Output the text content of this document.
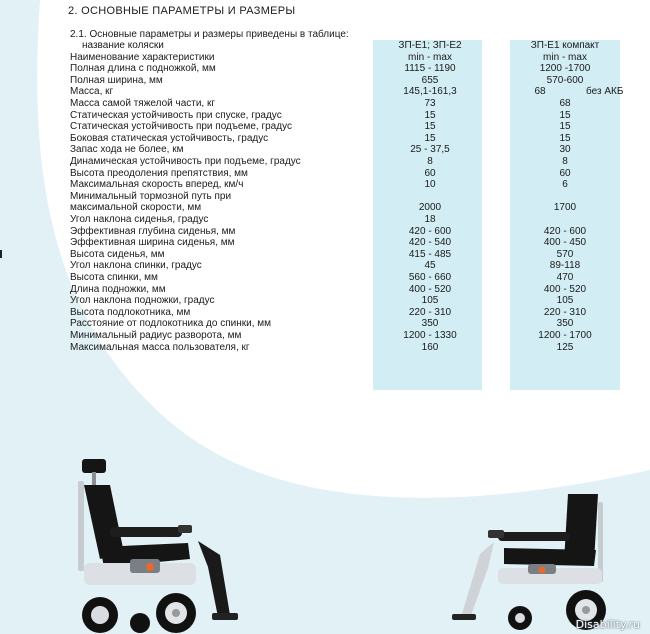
2. ОСНОВНЫЕ ПАРАМЕТРЫ И РАЗМЕРЫ
2.1. Основные параметры и размеры приведены в таблице:
название коляски	ЗП-Е1; ЗП-Е2	ЗП-Е1 компакт
Наименование характеристики	min - max	min - max
Полная длина с подножкой, мм	1115 - 1190	1200 -1700
Полная ширина, мм	655	570-600
Масса, кг	145,1-161,3	68	без АКБ
Масса самой тяжелой части, кг	73	68
Статическая устойчивость при спуске, градус	15	15
Статическая устойчивость при подъеме, градус	15	15
Боковая статическая устойчивость, градус	15	15
Запас хода не более, км	25 - 37,5	30
Динамическая устойчивость при подъеме, градус	8	8
Высота преодоления препятствия, мм	60	60
Максимальная скорость вперед, км/ч	10	6
Минимальный тормозной путь при
максимальной скорости, мм	2000	1700
Угол наклона сиденья, градус	18
Эффективная глубина сиденья, мм	420 - 600	420 - 600
Эффективная ширина сиденья, мм	420 - 540	400 - 450
Высота сиденья, мм	415 - 485	570
Угол наклона спинки, градус	45	89-118
Высота спинки, мм	560 - 660	470
Длина подножки, мм	400 - 520	400 - 520
Угол наклона подножки, градус	105	105
Высота подлокотника, мм	220 - 310	220 - 310
Расстояние от подлокотника до спинки, мм	350	350
Минимальный радиус разворота, мм	1200 - 1330	1200 - 1700
Максимальная масса пользователя, кг	160	125
Disability.ru
